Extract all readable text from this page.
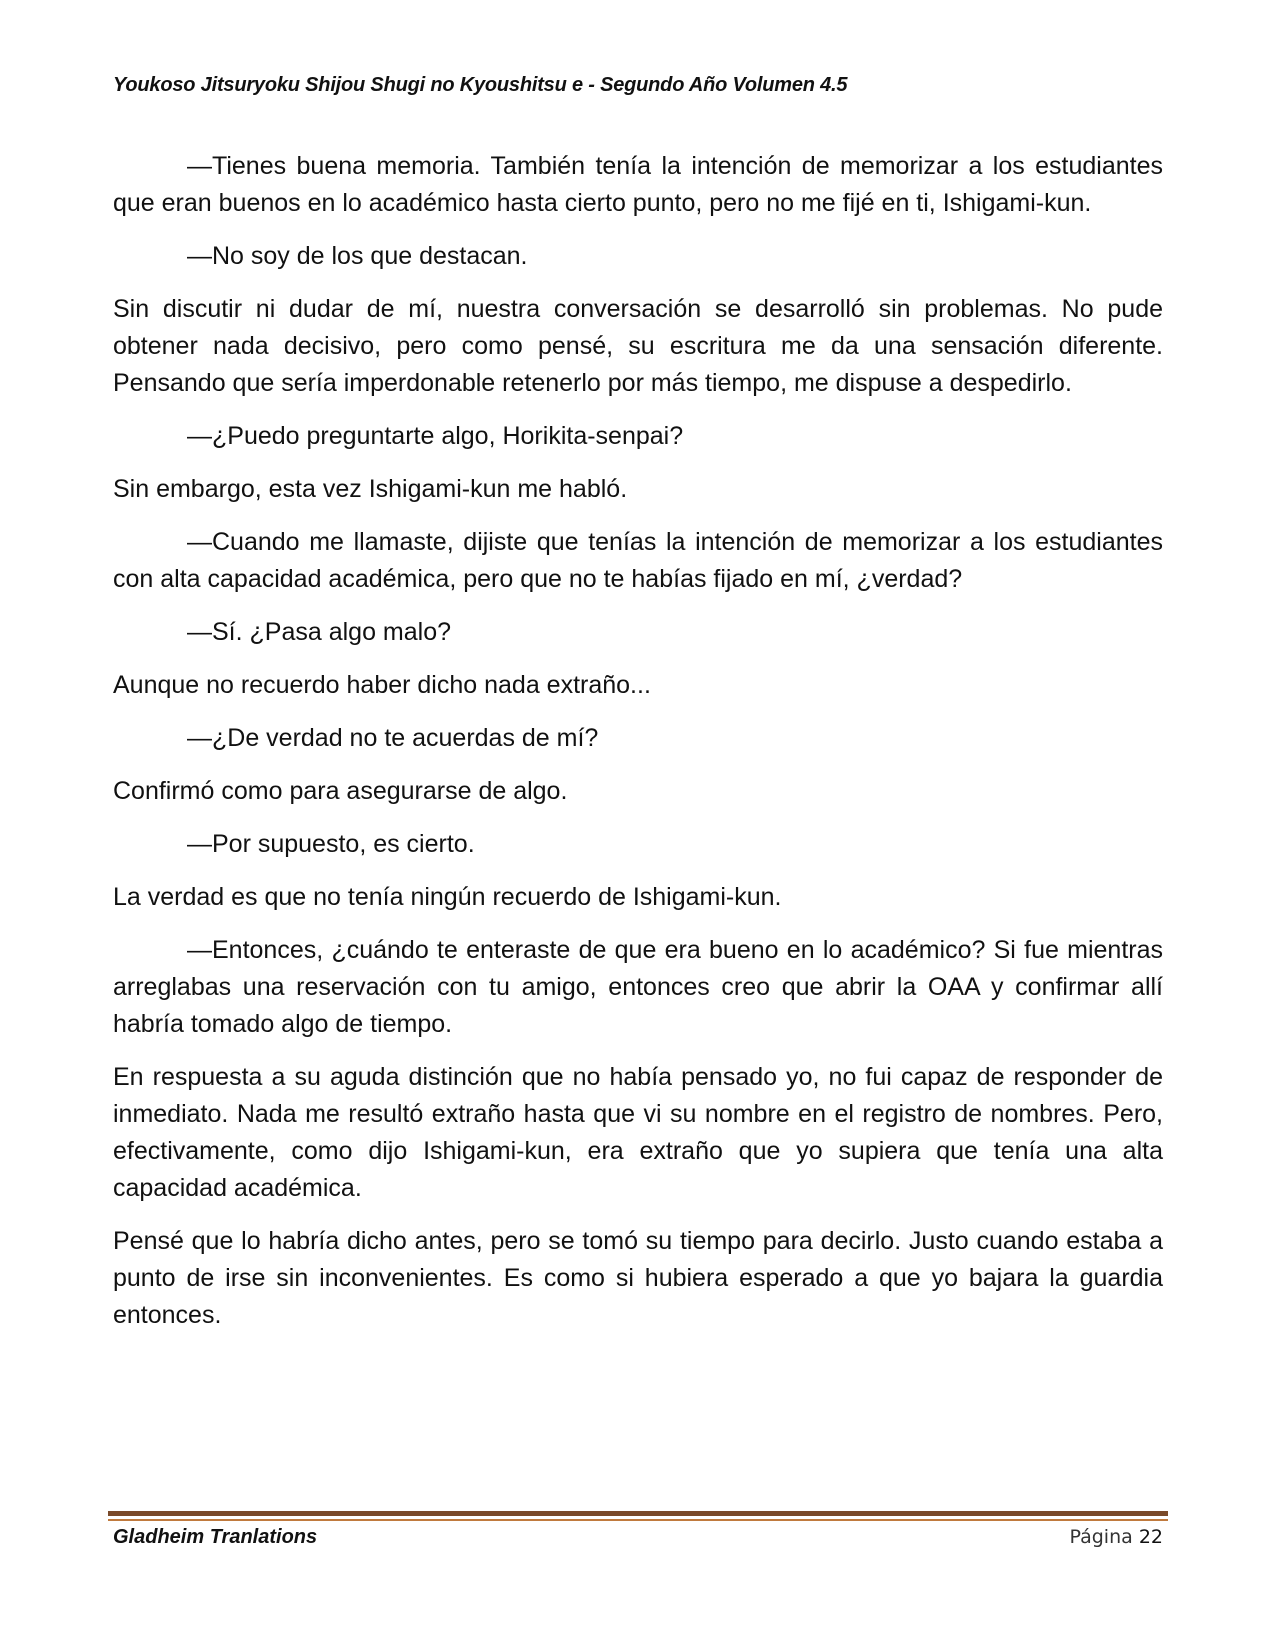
Youkoso Jitsuryoku Shijou Shugi no Kyoushitsu e - Segundo Año Volumen 4.5

—Tienes buena memoria. También tenía la intención de memorizar a los estudiantes que eran buenos en lo académico hasta cierto punto, pero no me fijé en ti, Ishigami-kun.

—No soy de los que destacan.

Sin discutir ni dudar de mí, nuestra conversación se desarrolló sin problemas. No pude obtener nada decisivo, pero como pensé, su escritura me da una sensación diferente. Pensando que sería imperdonable retenerlo por más tiempo, me dispuse a despedirlo.

—¿Puedo preguntarte algo, Horikita-senpai?

Sin embargo, esta vez Ishigami-kun me habló.

—Cuando me llamaste, dijiste que tenías la intención de memorizar a los estudiantes con alta capacidad académica, pero que no te habías fijado en mí, ¿verdad?

—Sí. ¿Pasa algo malo?

Aunque no recuerdo haber dicho nada extraño...

—¿De verdad no te acuerdas de mí?

Confirmó como para asegurarse de algo.

—Por supuesto, es cierto.

La verdad es que no tenía ningún recuerdo de Ishigami-kun.

—Entonces, ¿cuándo te enteraste de que era bueno en lo académico? Si fue mientras arreglabas una reservación con tu amigo, entonces creo que abrir la OAA y confirmar allí habría tomado algo de tiempo.

En respuesta a su aguda distinción que no había pensado yo, no fui capaz de responder de inmediato. Nada me resultó extraño hasta que vi su nombre en el registro de nombres. Pero, efectivamente, como dijo Ishigami-kun, era extraño que yo supiera que tenía una alta capacidad académica.

Pensé que lo habría dicho antes, pero se tomó su tiempo para decirlo. Justo cuando estaba a punto de irse sin inconvenientes. Es como si hubiera esperado a que yo bajara la guardia entonces.

Gladheim Tranlations	Página 22
